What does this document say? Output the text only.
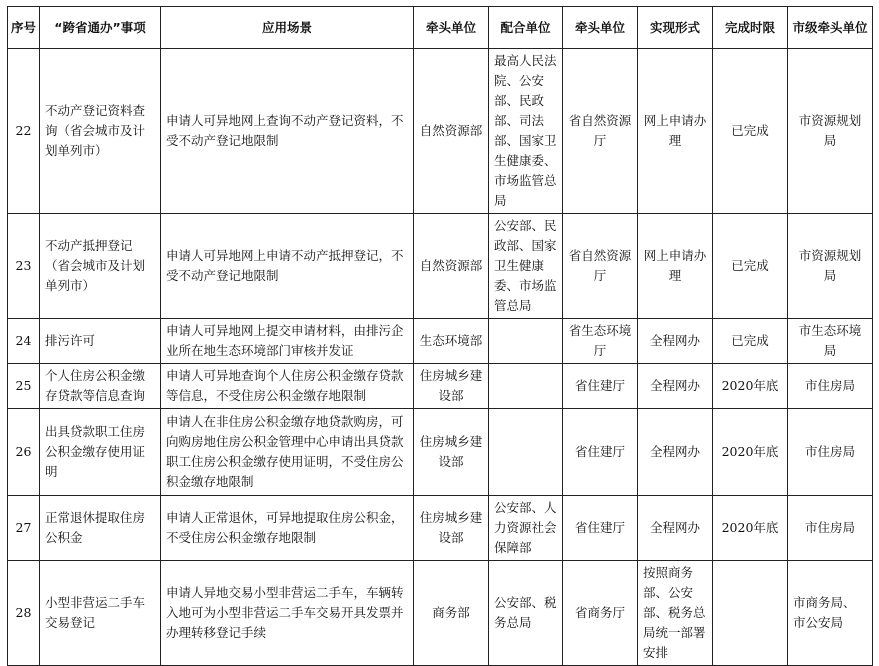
序号	“跨省通办”事项	应用场景	牵头单位	配合单位	牵头单位	实现形式	完成时限	市级牵头单位
22	不动产登记资料查询（省会城市及计划单列市）	申请人可异地网上查询不动产登记资料，不受不动产登记地限制	自然资源部	最高人民法院、公安部、民政部、司法部、国家卫生健康委、市场监管总局	省自然资源厅	网上申请办理	已完成	市资源规划局
23	不动产抵押登记（省会城市及计划单列市）	申请人可异地网上申请不动产抵押登记，不受不动产登记地限制	自然资源部	公安部、民政部、国家卫生健康委、市场监管总局	省自然资源厅	网上申请办理	已完成	市资源规划局
24	排污许可	申请人可异地网上提交申请材料，由排污企业所在地生态环境部门审核并发证	生态环境部		省生态环境厅	全程网办	已完成	市生态环境局
25	个人住房公积金缴存贷款等信息查询	申请人可异地查询个人住房公积金缴存贷款等信息，不受住房公积金缴存地限制	住房城乡建设部		省住建厅	全程网办	2020年底	市住房局
26	出具贷款职工住房公积金缴存使用证明	申请人在非住房公积金缴存地贷款购房，可向购房地住房公积金管理中心申请出具贷款职工住房公积金缴存使用证明，不受住房公积金缴存地限制	住房城乡建设部		省住建厅	全程网办	2020年底	市住房局
27	正常退休提取住房公积金	申请人正常退休，可异地提取住房公积金，不受住房公积金缴存地限制	住房城乡建设部	公安部、人力资源社会保障部	省住建厅	全程网办	2020年底	市住房局
28	小型非营运二手车交易登记	申请人异地交易小型非营运二手车，车辆转入地可为小型非营运二手车交易开具发票并办理转移登记手续	商务部	公安部、税务总局	省商务厅	按照商务部、公安部、税务总局统一部署安排		市商务局、市公安局
